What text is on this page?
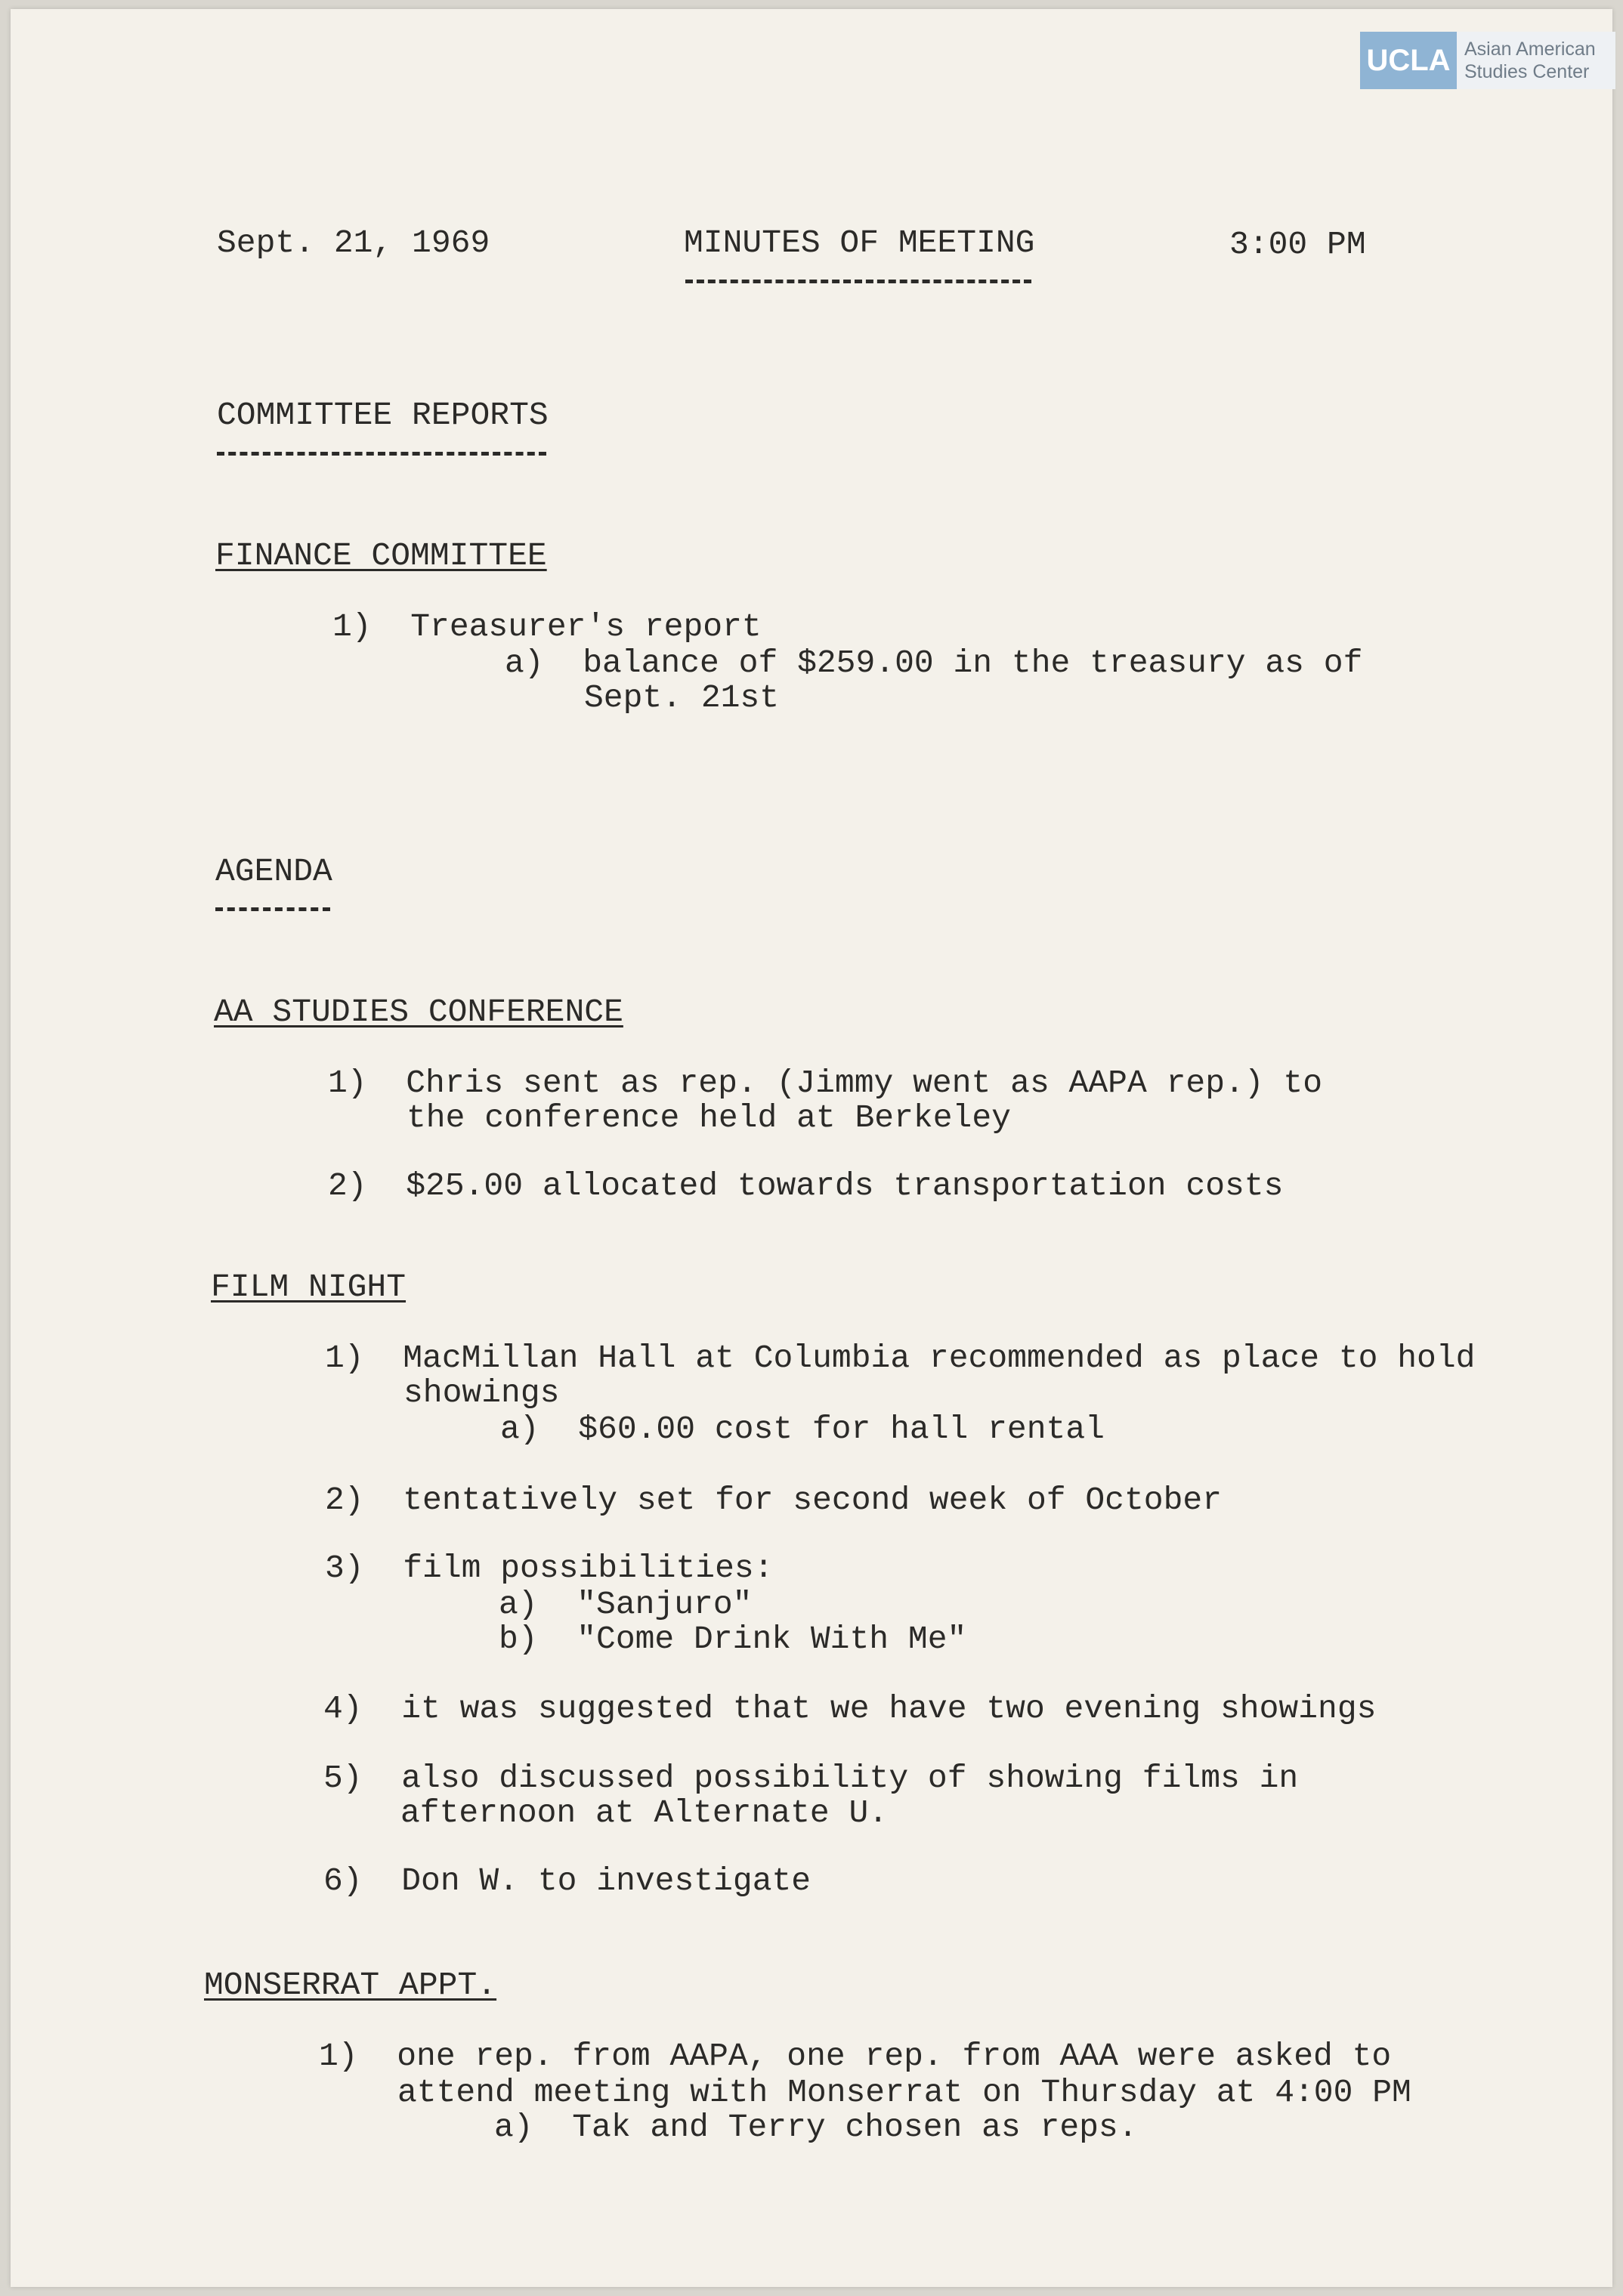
UCLA Asian American
Studies Center
Sept. 21, 1969	MINUTES OF MEETING	3:00 PM
COMMITTEE REPORTS
FINANCE COMMITTEE
1)  Treasurer's report
a)  balance of $259.00 in the treasury as of
Sept. 21st
AGENDA
AA STUDIES CONFERENCE
1)  Chris sent as rep. (Jimmy went as AAPA rep.) to
the conference held at Berkeley
2)  $25.00 allocated towards transportation costs
FILM NIGHT
1)  MacMillan Hall at Columbia recommended as place to hold
showings
a)  $60.00 cost for hall rental
2)  tentatively set for second week of October
3)  film possibilities:
a)  "Sanjuro"
b)  "Come Drink With Me"
4)  it was suggested that we have two evening showings
5)  also discussed possibility of showing films in
afternoon at Alternate U.
6)  Don W. to investigate
MONSERRAT APPT.
1)  one rep. from AAPA, one rep. from AAA were asked to
attend meeting with Monserrat on Thursday at 4:00 PM
a)  Tak and Terry chosen as reps.
